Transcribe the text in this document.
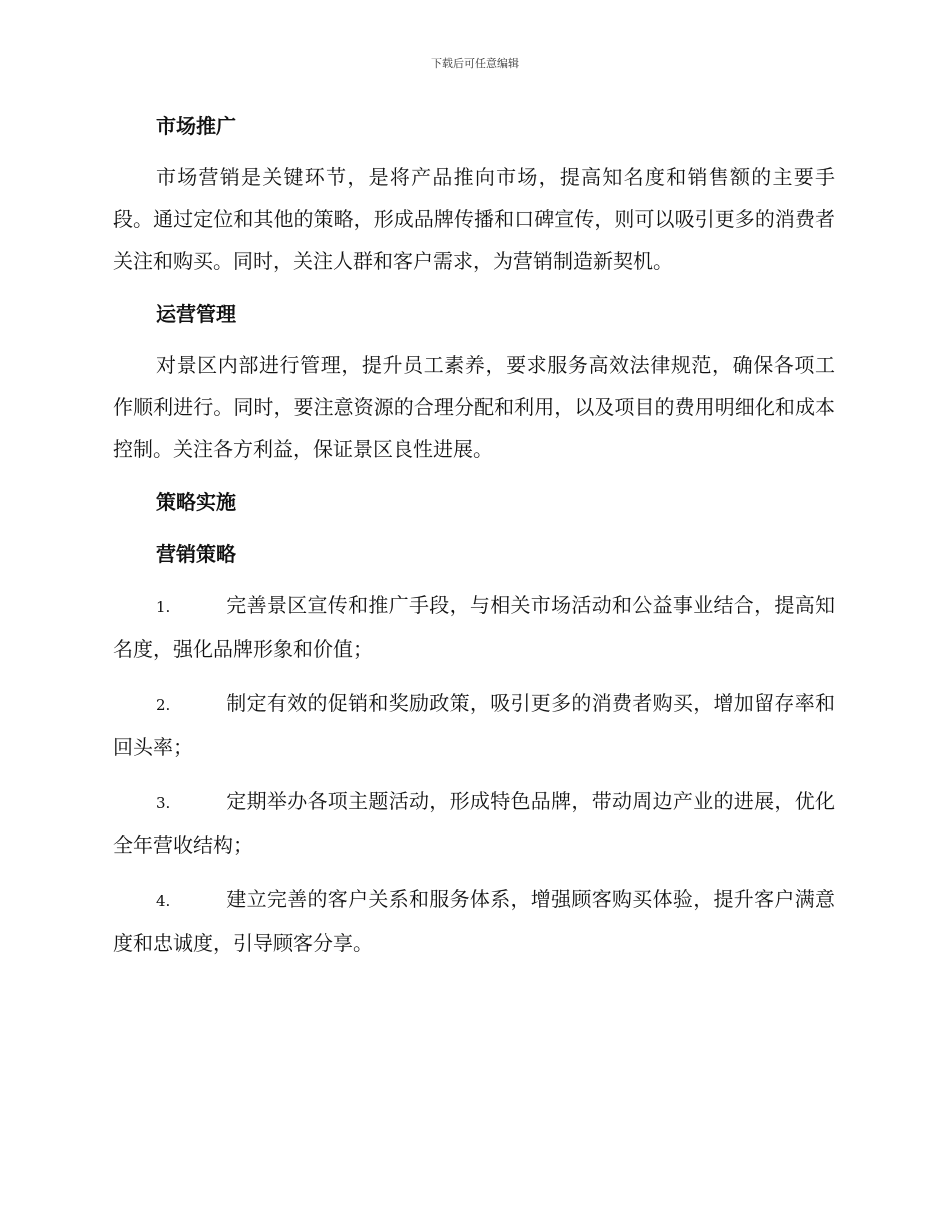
下载后可任意编辑
市场推广

市场营销是关键环节，是将产品推向市场，提高知名度和销售额的主要手段。通过定位和其他的策略，形成品牌传播和口碑宣传，则可以吸引更多的消费者关注和购买。同时，关注人群和客户需求，为营销制造新契机。

运营管理

对景区内部进行管理，提升员工素养，要求服务高效法律规范，确保各项工作顺利进行。同时，要注意资源的合理分配和利用，以及项目的费用明细化和成本控制。关注各方利益，保证景区良性进展。

策略实施
营销策略
1.	完善景区宣传和推广手段，与相关市场活动和公益事业结合，提高知名度，强化品牌形象和价值；
2.	制定有效的促销和奖励政策，吸引更多的消费者购买，增加留存率和回头率；
3.	定期举办各项主题活动，形成特色品牌，带动周边产业的进展，优化全年营收结构；
4.	建立完善的客户关系和服务体系，增强顾客购买体验，提升客户满意度和忠诚度，引导顾客分享。
